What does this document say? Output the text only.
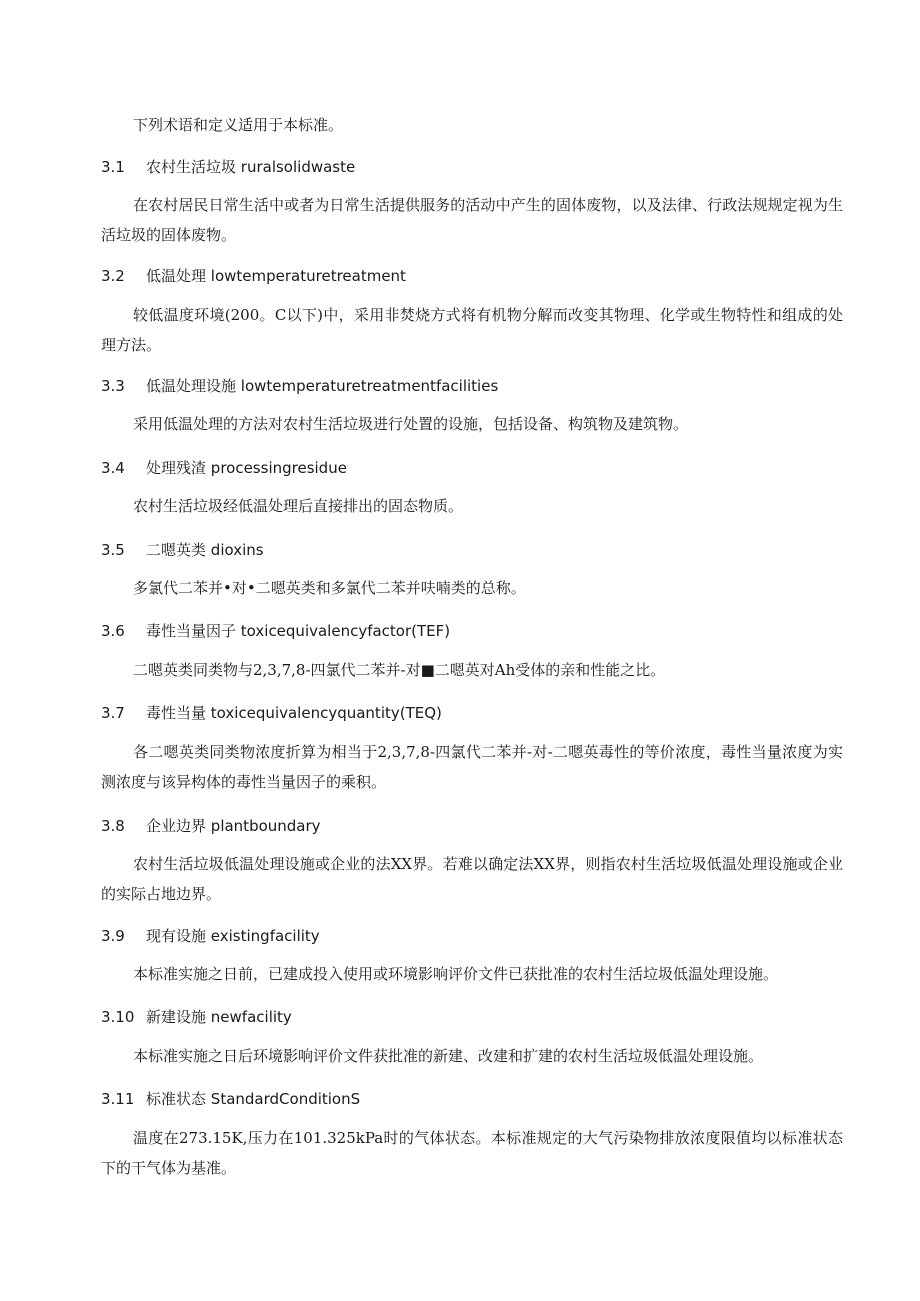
下列术语和定义适用于本标准。
3.1 农村生活垃圾 ruralsolidwaste
在农村居民日常生活中或者为日常生活提供服务的活动中产生的固体废物，以及法律、行政法规规定视为生活垃圾的固体废物。
3.2 低温处理 lowtemperaturetreatment
较低温度环境(200。C以下)中，采用非焚烧方式将有机物分解而改变其物理、化学或生物特性和组成的处理方法。
3.3 低温处理设施 lowtemperaturetreatmentfacilities
采用低温处理的方法对农村生活垃圾进行处置的设施，包括设备、构筑物及建筑物。
3.4 处理残渣 processingresidue
农村生活垃圾经低温处理后直接排出的固态物质。
3.5 二嗯英类 dioxins
多氯代二苯并•对•二嗯英类和多氯代二苯并呋喃类的总称。
3.6 毒性当量因子 toxicequivalencyfactor(TEF)
二嗯英类同类物与2,3,7,8-四氯代二苯并-对■二嗯英对Ah受体的亲和性能之比。
3.7 毒性当量 toxicequivalencyquantity(TEQ)
各二嗯英类同类物浓度折算为相当于2,3,7,8-四氯代二苯并-对-二嗯英毒性的等价浓度，毒性当量浓度为实测浓度与该异构体的毒性当量因子的乘积。
3.8 企业边界 plantboundary
农村生活垃圾低温处理设施或企业的法XX界。若难以确定法XX界，则指农村生活垃圾低温处理设施或企业的实际占地边界。
3.9 现有设施 existingfacility
本标准实施之日前，已建成投入使用或环境影响评价文件已获批准的农村生活垃圾低温处理设施。
3.10 新建设施 newfacility
本标准实施之日后环境影响评价文件获批准的新建、改建和扩建的农村生活垃圾低温处理设施。
3.11 标准状态 StandardConditionS
温度在273.15K,压力在101.325kPa时的气体状态。本标准规定的大气污染物排放浓度限值均以标准状态下的干气体为基准。
